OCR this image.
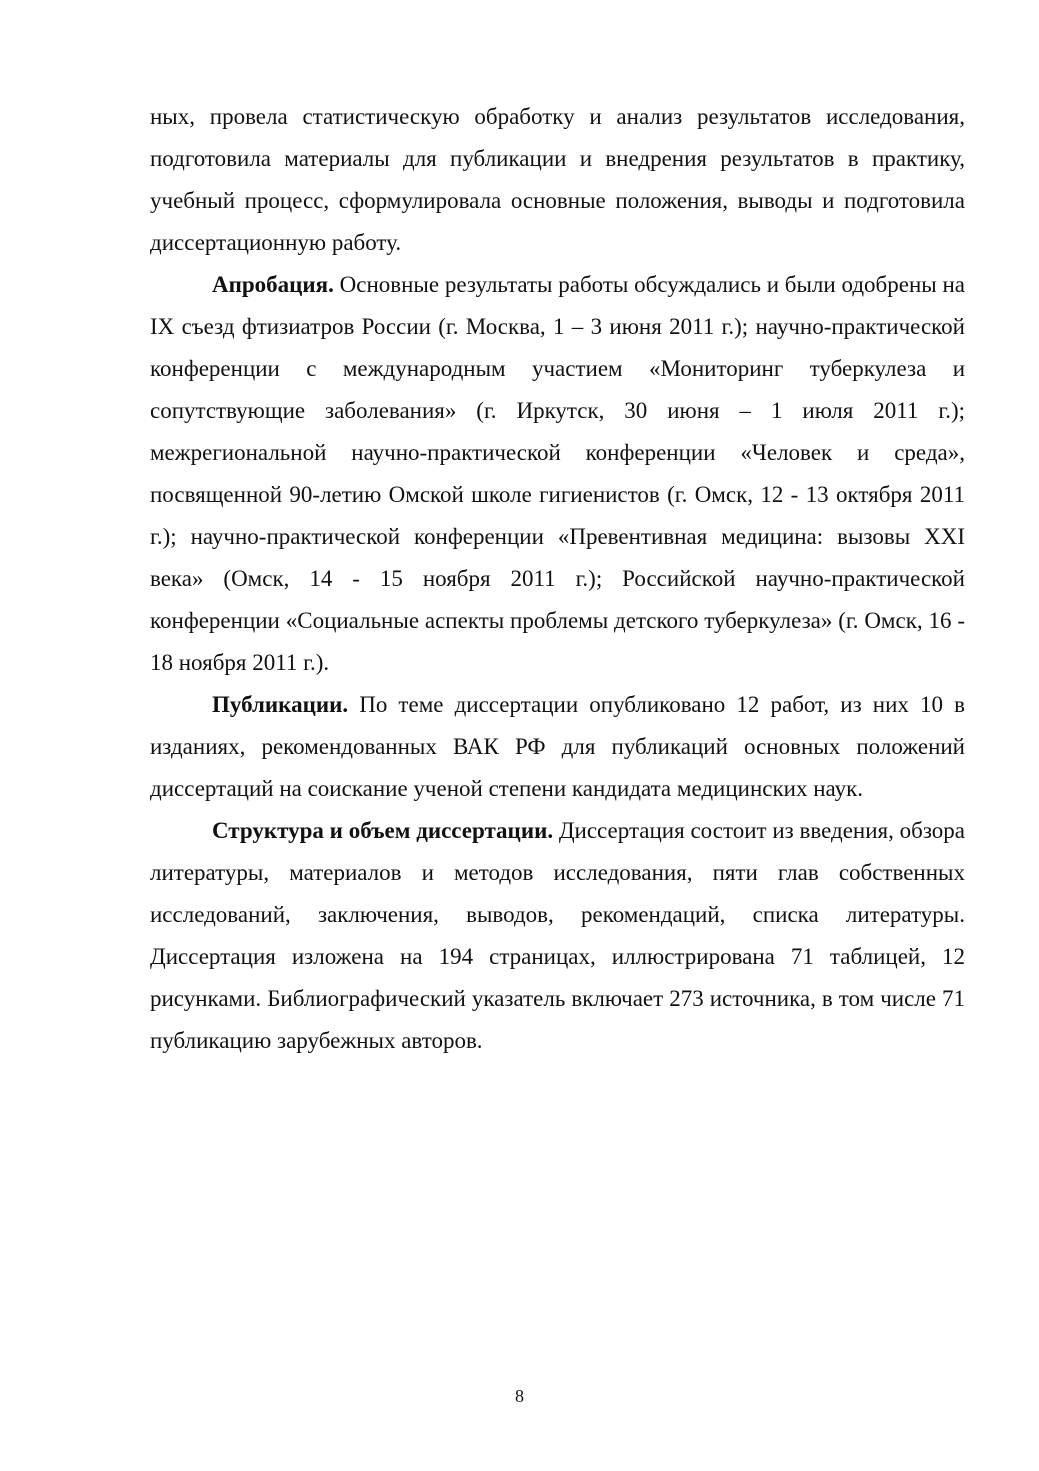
ных, провела статистическую обработку и анализ результатов исследования, подготовила материалы для публикации и внедрения результатов в практику, учебный процесс, сформулировала основные положения, выводы и подготовила диссертационную работу.

Апробация. Основные результаты работы обсуждались и были одобрены на IX съезд фтизиатров России (г. Москва, 1 – 3 июня 2011 г.); научно-практической конференции с международным участием «Мониторинг туберкулеза и сопутствующие заболевания» (г. Иркутск, 30 июня – 1 июля 2011 г.); межрегиональной научно-практической конференции «Человек и среда», посвященной 90-летию Омской школе гигиенистов (г. Омск, 12 - 13 октября 2011 г.); научно-практической конференции «Превентивная медицина: вызовы XXI века» (Омск, 14 - 15 ноября 2011 г.); Российской научно-практической конференции «Социальные аспекты проблемы детского туберкулеза» (г. Омск, 16 - 18 ноября 2011 г.).

Публикации. По теме диссертации опубликовано 12 работ, из них 10 в изданиях, рекомендованных ВАК РФ для публикаций основных положений диссертаций на соискание ученой степени кандидата медицинских наук.

Структура и объем диссертации. Диссертация состоит из введения, обзора литературы, материалов и методов исследования, пяти глав собственных исследований, заключения, выводов, рекомендаций, списка литературы. Диссертация изложена на 194 страницах, иллюстрирована 71 таблицей, 12 рисунками. Библиографический указатель включает 273 источника, в том числе 71 публикацию зарубежных авторов.

8
